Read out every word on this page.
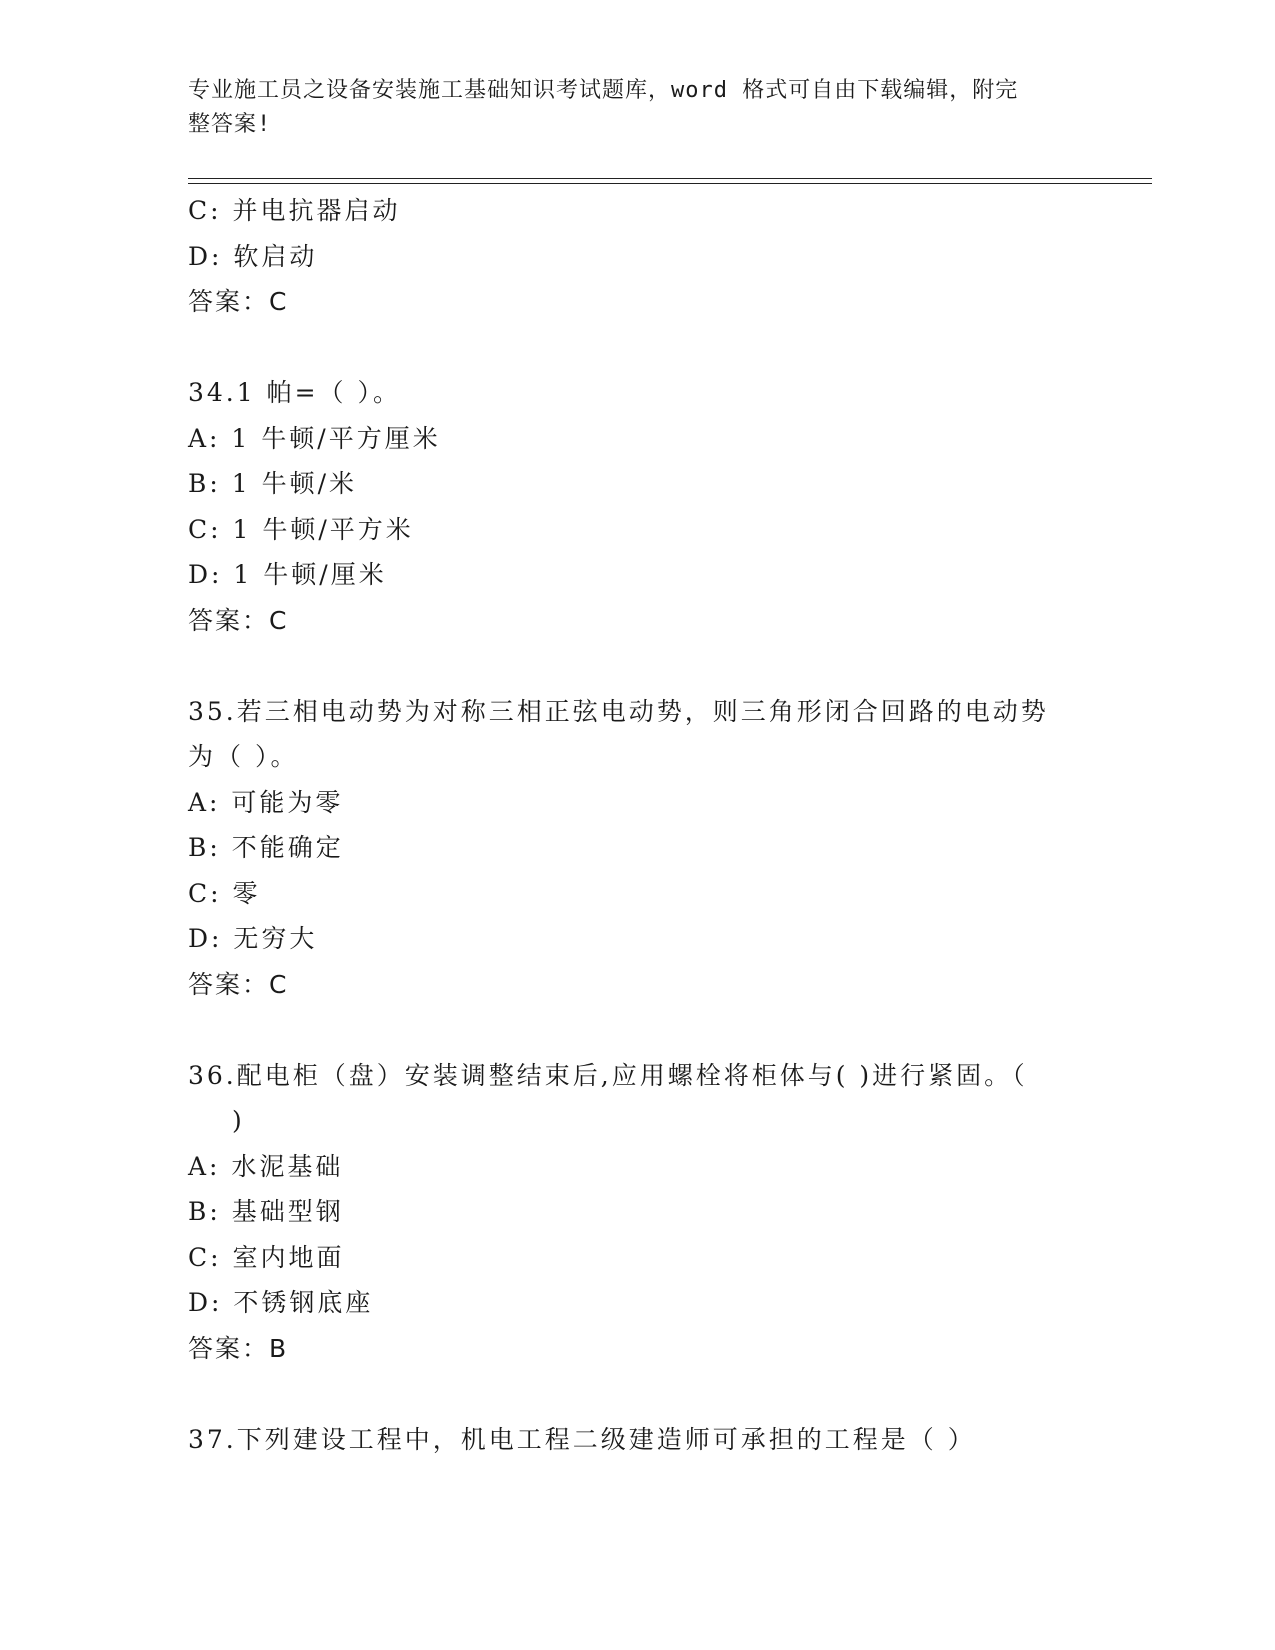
专业施工员之设备安装施工基础知识考试题库，word 格式可自由下载编辑，附完
整答案!
C: 并电抗器启动
D: 软启动
答案：C
34.1 帕=（ ）。
A: 1 牛顿/平方厘米
B: 1 牛顿/米
C: 1 牛顿/平方米
D: 1 牛顿/厘米
答案：C
35.若三相电动势为对称三相正弦电动势，则三角形闭合回路的电动势
为（ ）。
A: 可能为零
B: 不能确定
C: 零
D: 无穷大
答案：C
36.配电柜（盘）安装调整结束后,应用螺栓将柜体与( )进行紧固。（
)
A: 水泥基础
B: 基础型钢
C: 室内地面
D: 不锈钢底座
答案：B
37.下列建设工程中，机电工程二级建造师可承担的工程是（ ）
